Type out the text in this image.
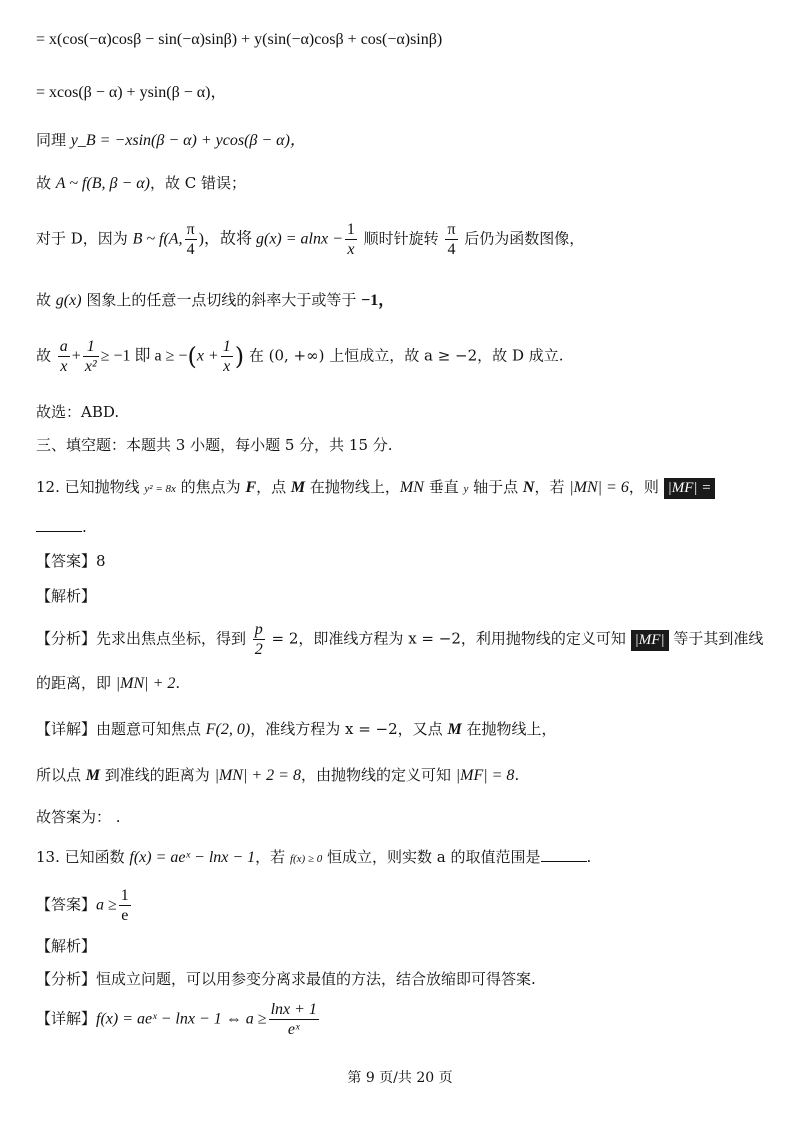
= x(cos(−α)cosβ − sin(−α)sinβ) + y(sin(−α)cosβ + cos(−α)sinβ)
= xcos(β − α) + ysin(β − α)，
同理 y_B = −xsin(β − α) + ycos(β − α)，
故 A ~ f(B, β − α)，故 C 错误；
对于 D，因为 B ~ f(A, $\frac{\pi}{4}$ )，故将 $g(x) = alnx - \frac{1}{x}$ 顺时针旋转 $\frac{\pi}{4}$ 后仍为函数图像，
故 g(x) 图象上的任意一点切线的斜率大于或等于 −1，
故 $\frac{a}{x} + \frac{1}{\text{x²}} \ge -1$ 即 $a \ge -(x + \frac{1}{x}$ ) 在 (0, +∞) 上恒成立，故 a ≥ −2，故 D 成立.
故选：ABD.
三、填空题：本题共 3 小题，每小题 5 分，共 15 分.
12. 已知抛物线 y² = 8x 的焦点为 F，点 M 在抛物线上，MN 垂直 y 轴于点 N，若 |MN| = 6，则 |MF| =
.
【答案】8
【解析】
【分析】先求出焦点坐标，得到 $\frac{p}{2} = 2$，即准线方程为 x = −2，利用抛物线的定义可知 |MF| 等于其到准线
的距离，即 |MN| + 2.
【详解】由题意可知焦点 F(2, 0)，准线方程为 x = −2，又点 M 在抛物线上，
所以点 M 到准线的距离为 |MN| + 2 = 8，由抛物线的定义可知 |MF| = 8.
故答案为： .
13. 已知函数 f(x) = aeˣ − lnx − 1，若 f(x) ≥ 0 恒成立，则实数 a 的取值范围是	.
【答案】$a \ge \frac{1}{e}$
【解析】
【分析】恒成立问题，可以用参变分离求最值的方法，结合放缩即可得答案.
【详解】f(x) = aeˣ − lnx − 1 ⇔ $a \ge \frac{\ln x + 1}{\text{eˣ}}$
第 9 页/共 20 页
